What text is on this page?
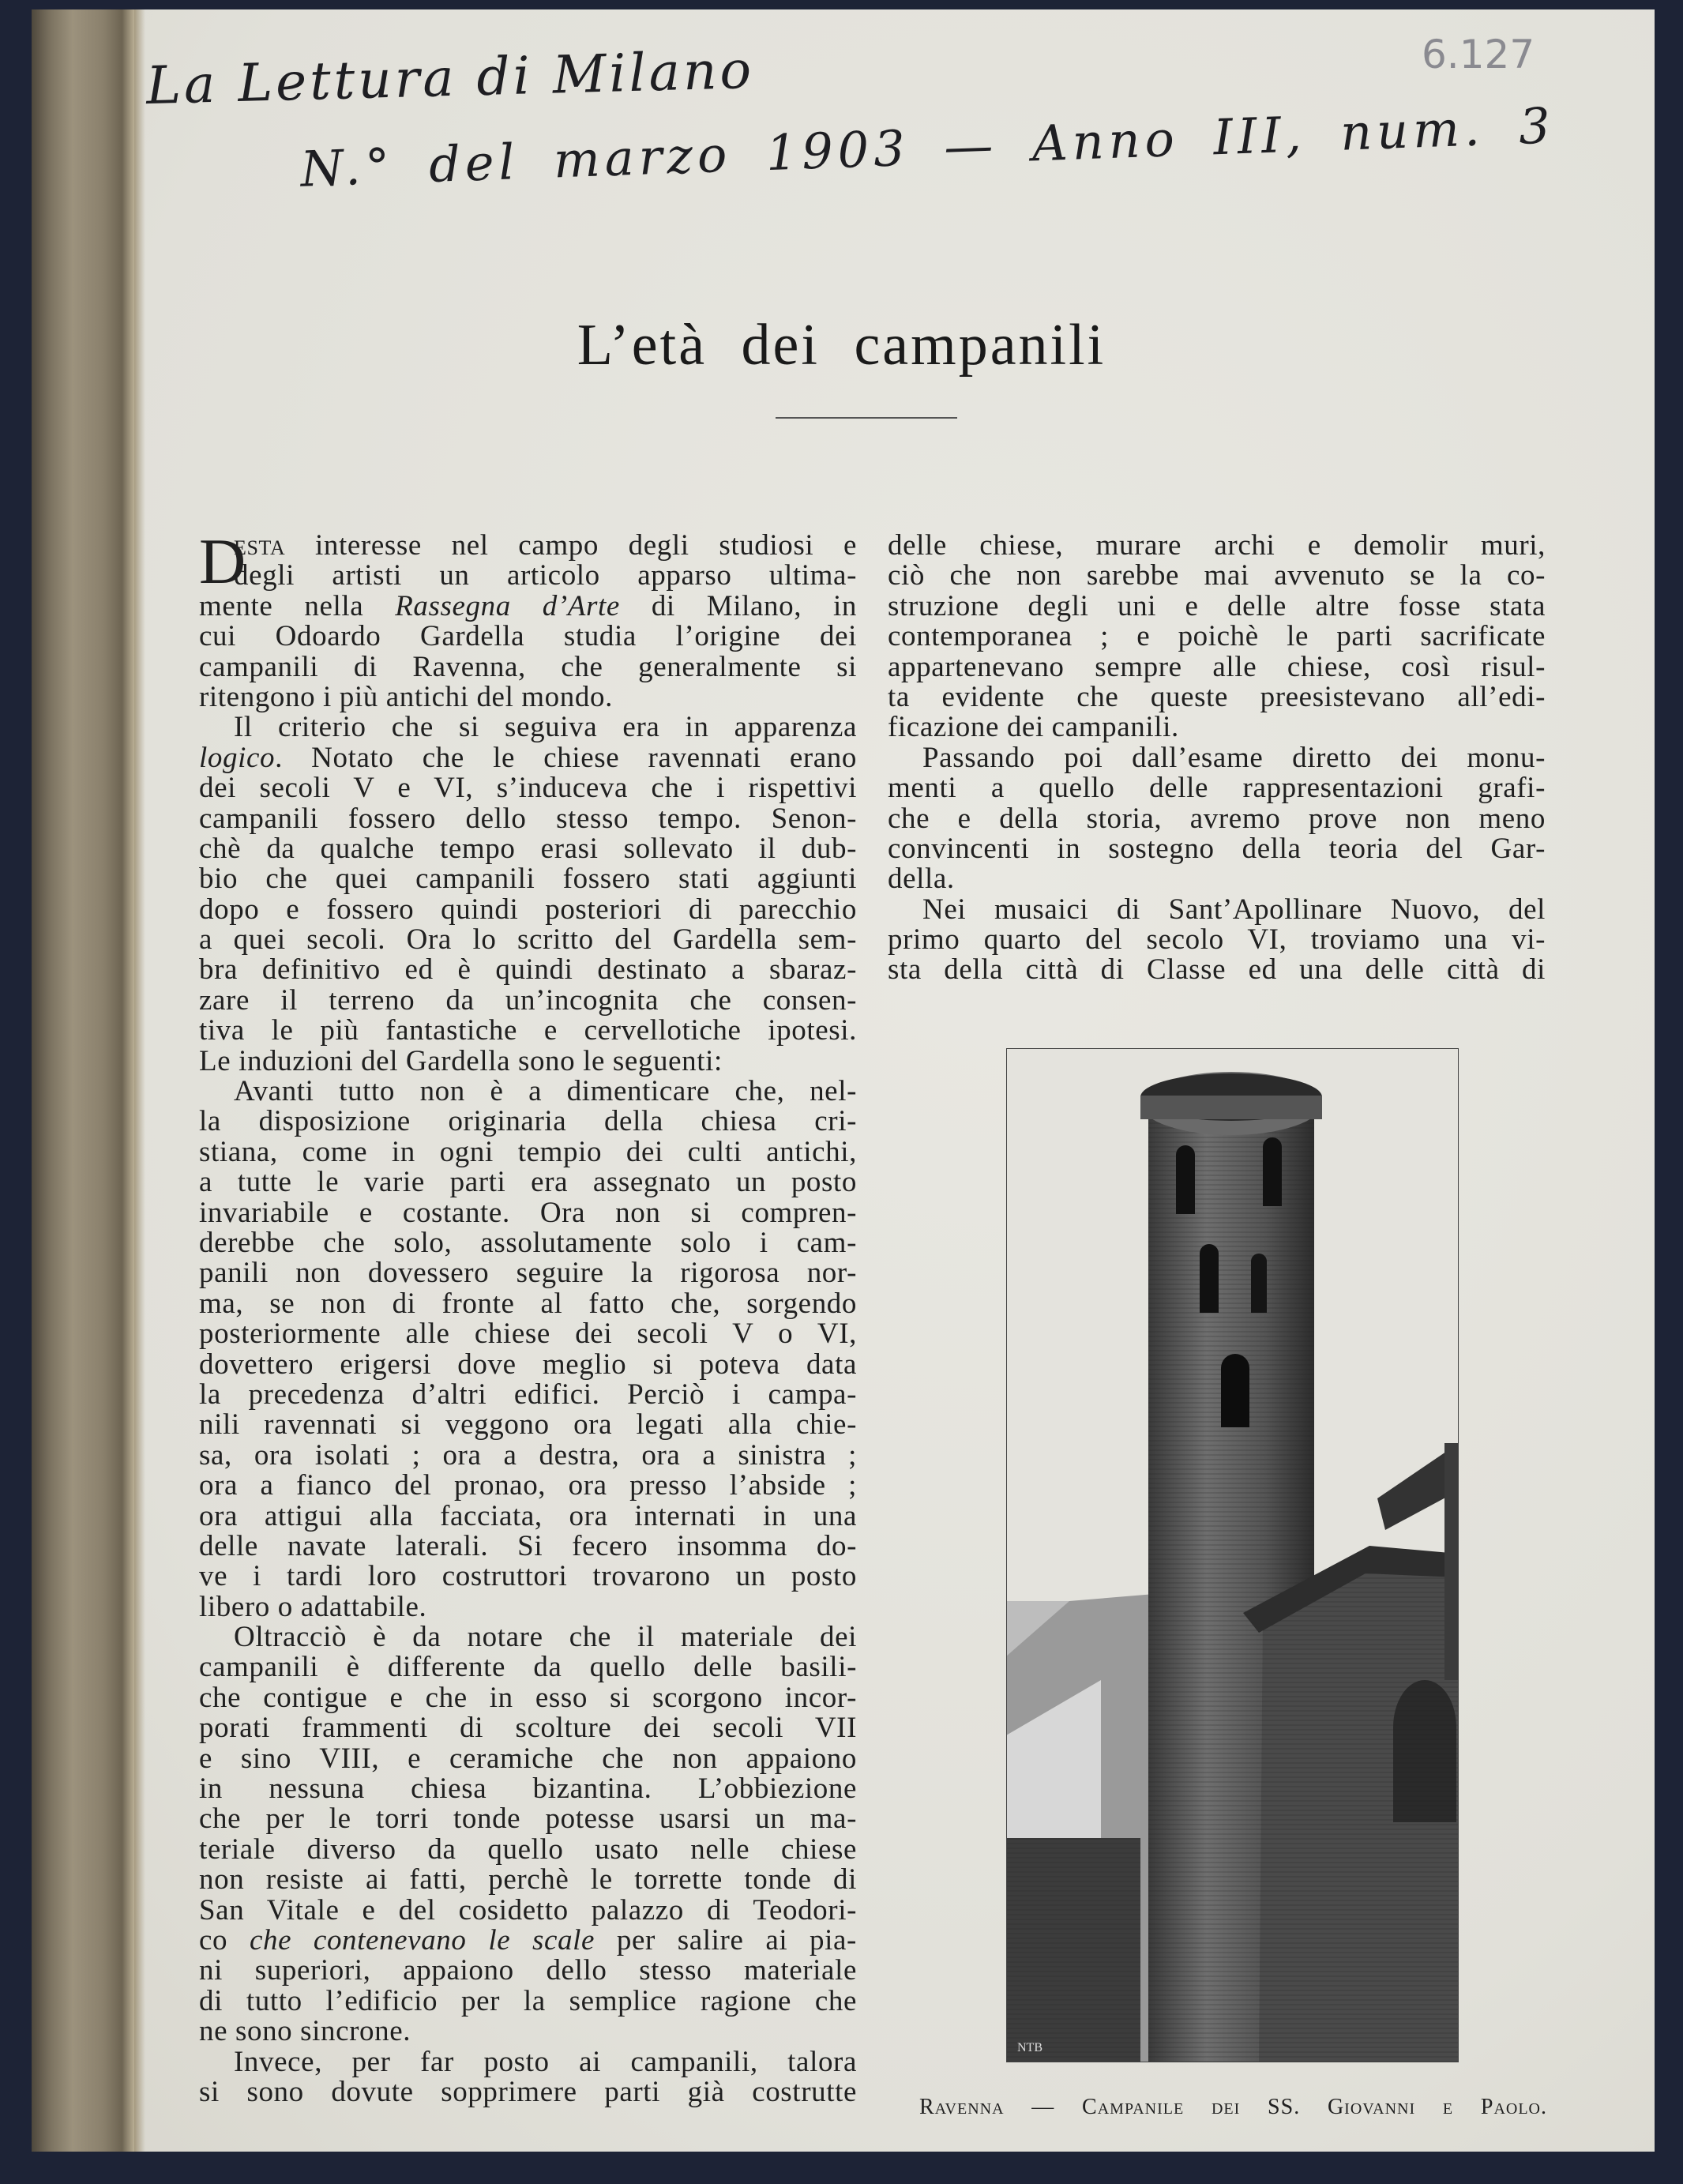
La Lettura di Milano
N.° del marzo 1903 — Anno III, num. 3
6.127
L’età dei campanili
D
esta interesse nel campo degli studiosi e
degli artisti un articolo apparso ultima-
mente nella Rassegna d’Arte di Milano, in
cui Odoardo Gardella studia l’origine dei
campanili di Ravenna, che generalmente si
ritengono i più antichi del mondo.
Il criterio che si seguiva era in apparenza
logico. Notato che le chiese ravennati erano
dei secoli V e VI, s’induceva che i rispettivi
campanili fossero dello stesso tempo. Senon-
chè da qualche tempo erasi sollevato il dub-
bio che quei campanili fossero stati aggiunti
dopo e fossero quindi posteriori di parecchio
a quei secoli. Ora lo scritto del Gardella sem-
bra definitivo ed è quindi destinato a sbaraz-
zare il terreno da un’incognita che consen-
tiva le più fantastiche e cervellotiche ipotesi.
Le induzioni del Gardella sono le seguenti:
Avanti tutto non è a dimenticare che, nel-
la disposizione originaria della chiesa cri-
stiana, come in ogni tempio dei culti antichi,
a tutte le varie parti era assegnato un posto
invariabile e costante. Ora non si compren-
derebbe che solo, assolutamente solo i cam-
panili non dovessero seguire la rigorosa nor-
ma, se non di fronte al fatto che, sorgendo
posteriormente alle chiese dei secoli V o VI,
dovettero erigersi dove meglio si poteva data
la precedenza d’altri edifici. Perciò i campa-
nili ravennati si veggono ora legati alla chie-
sa, ora isolati ; ora a destra, ora a sinistra ;
ora a fianco del pronao, ora presso l’abside ;
ora attigui alla facciata, ora internati in una
delle navate laterali. Si fecero insomma do-
ve i tardi loro costruttori trovarono un posto
libero o adattabile.
Oltracciò è da notare che il materiale dei
campanili è differente da quello delle basili-
che contigue e che in esso si scorgono incor-
porati frammenti di scolture dei secoli VII
e sino VIII, e ceramiche che non appaiono
in nessuna chiesa bizantina. L’obbiezione
che per le torri tonde potesse usarsi un ma-
teriale diverso da quello usato nelle chiese
non resiste ai fatti, perchè le torrette tonde di
San Vitale e del cosidetto palazzo di Teodori-
co che contenevano le scale per salire ai pia-
ni superiori, appaiono dello stesso materiale
di tutto l’edificio per la semplice ragione che
ne sono sincrone.
Invece, per far posto ai campanili, talora
si sono dovute sopprimere parti già costrutte
delle chiese, murare archi e demolir muri,
ciò che non sarebbe mai avvenuto se la co-
struzione degli uni e delle altre fosse stata
contemporanea ; e poichè le parti sacrificate
appartenevano sempre alle chiese, così risul-
ta evidente che queste preesistevano all’edi-
ficazione dei campanili.
Passando poi dall’esame diretto dei monu-
menti a quello delle rappresentazioni grafi-
che e della storia, avremo prove non meno
convincenti in sostegno della teoria del Gar-
della.
Nei musaici di Sant’Apollinare Nuovo, del
primo quarto del secolo VI, troviamo una vi-
sta della città di Classe ed una delle città di
NTB
Ravenna — Campanile dei SS. Giovanni e Paolo.
